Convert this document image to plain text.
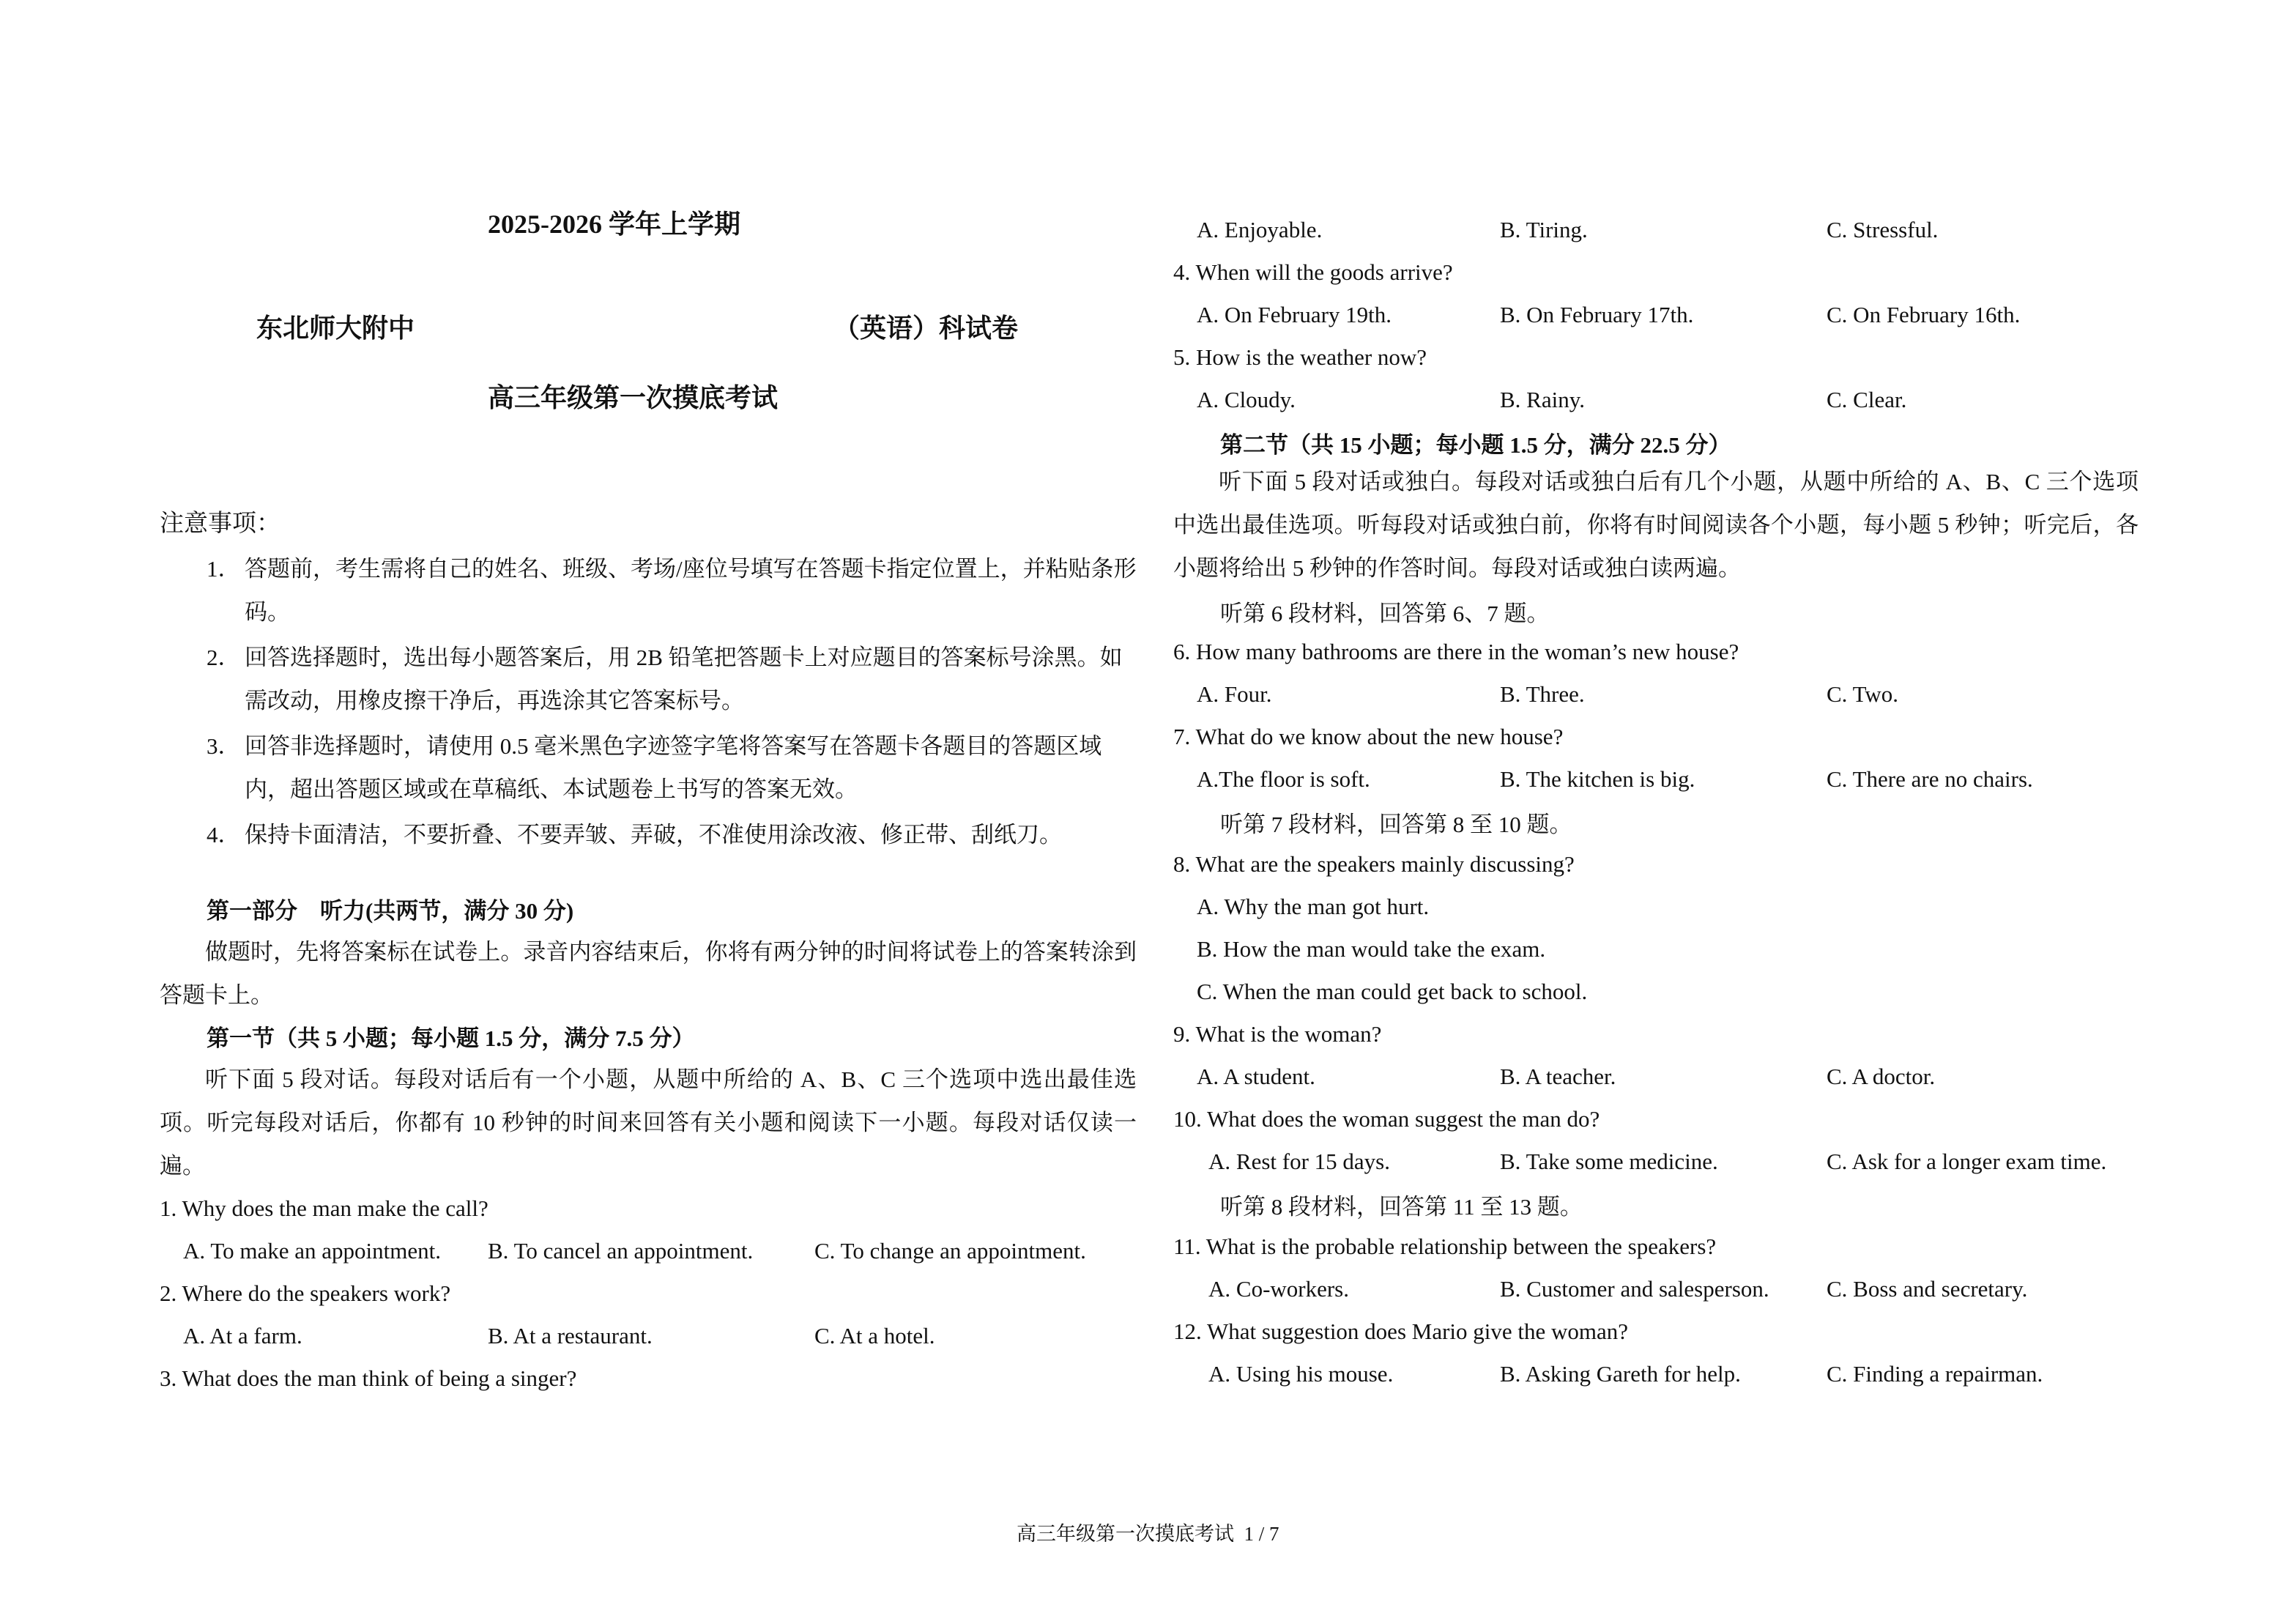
2025-2026 学年上学期
东北师大附中	（英语）科试卷
高三年级第一次摸底考试
注意事项：
1． 答题前，考生需将自己的姓名、班级、考场/座位号填写在答题卡指定位置上，并粘贴条形码。
2． 回答选择题时，选出每小题答案后，用 2B 铅笔把答题卡上对应题目的答案标号涂黑。如需改动，用橡皮擦干净后，再选涂其它答案标号。
3． 回答非选择题时，请使用 0.5 毫米黑色字迹签字笔将答案写在答题卡各题目的答题区域内，超出答题区域或在草稿纸、本试题卷上书写的答案无效。
4． 保持卡面清洁，不要折叠、不要弄皱、弄破，不准使用涂改液、修正带、刮纸刀。
第一部分　听力(共两节，满分 30 分)
做题时，先将答案标在试卷上。录音内容结束后，你将有两分钟的时间将试卷上的答案转涂到答题卡上。
第一节（共 5 小题；每小题 1.5 分，满分 7.5 分）
听下面 5 段对话。每段对话后有一个小题，从题中所给的 A、B、C 三个选项中选出最佳选项。听完每段对话后，你都有 10 秒钟的时间来回答有关小题和阅读下一小题。每段对话仅读一遍。
1. Why does the man make the call?
A. To make an appointment. B. To cancel an appointment.	C. To change an appointment.
2. Where do the speakers work?
A. At a farm.	B. At a restaurant.	C. At a hotel.
3. What does the man think of being a singer?
A. Enjoyable.	B. Tiring.	C. Stressful.
4. When will the goods arrive?
A. On February 19th.	B. On February 17th.	C. On February 16th.
5. How is the weather now?
A. Cloudy.	B. Rainy.	C. Clear.
第二节（共 15 小题；每小题 1.5 分，满分 22.5 分）
听下面 5 段对话或独白。每段对话或独白后有几个小题，从题中所给的 A、B、C 三个选项中选出最佳选项。听每段对话或独白前，你将有时间阅读各个小题，每小题 5 秒钟；听完后，各小题将给出 5 秒钟的作答时间。每段对话或独白读两遍。
听第 6 段材料，回答第 6、7 题。
6. How many bathrooms are there in the woman’s new house?
A. Four.	B. Three.	C. Two.
7. What do we know about the new house?
A.The floor is soft.	B. The kitchen is big.	C. There are no chairs.
听第 7 段材料，回答第 8 至 10 题。
8. What are the speakers mainly discussing?
A. Why the man got hurt.
B. How the man would take the exam.
C. When the man could get back to school.
9. What is the woman?
A. A student.	B. A teacher.	C. A doctor.
10. What does the woman suggest the man do?
A. Rest for 15 days.	B. Take some medicine.	C. Ask for a longer exam time.
听第 8 段材料，回答第 11 至 13 题。
11. What is the probable relationship between the speakers?
A. Co-workers.	B. Customer and salesperson.	C. Boss and secretary.
12. What suggestion does Mario give the woman?
A. Using his mouse.	B. Asking Gareth for help.	C. Finding a repairman.
高三年级第一次摸底考试  1 / 7
